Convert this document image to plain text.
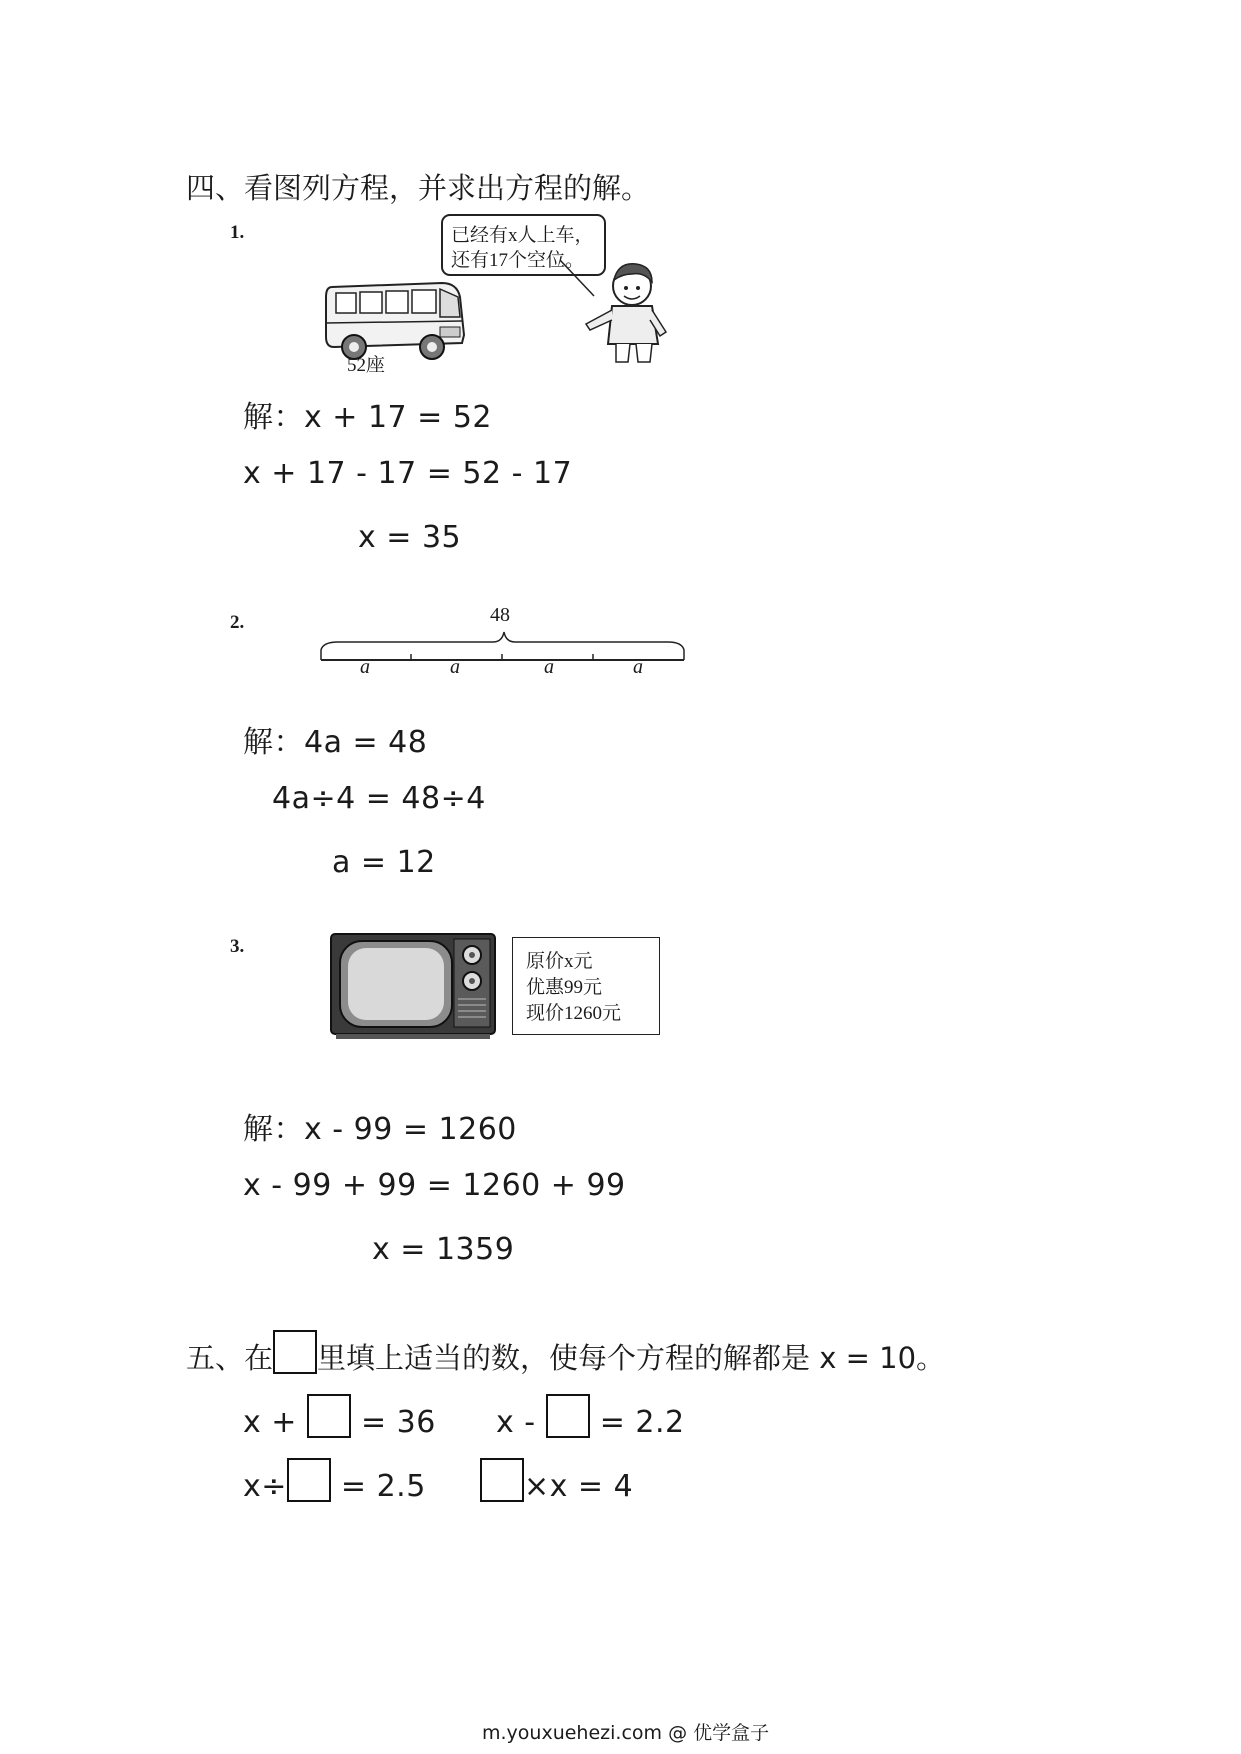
四、看图列方程，并求出方程的解。
1.
52座
已经有x人上车，
还有17个空位。
解：x + 17 = 52
x + 17 - 17 = 52 - 17
x = 35
2.	48
a	a	a	a
解：4a = 48
4a÷4 = 48÷4
a = 12
3.
原价x元
优惠99元
现价1260元
解：x - 99 = 1260
x - 99 + 99 = 1260 + 99
x = 1359
五、在 里填上适当的数，使每个方程的解都是 x = 10。
x +  = 36 x -  = 2.2
x÷ = 2.5	×x = 4
m.youxuehezi.com @ 优学盒子
